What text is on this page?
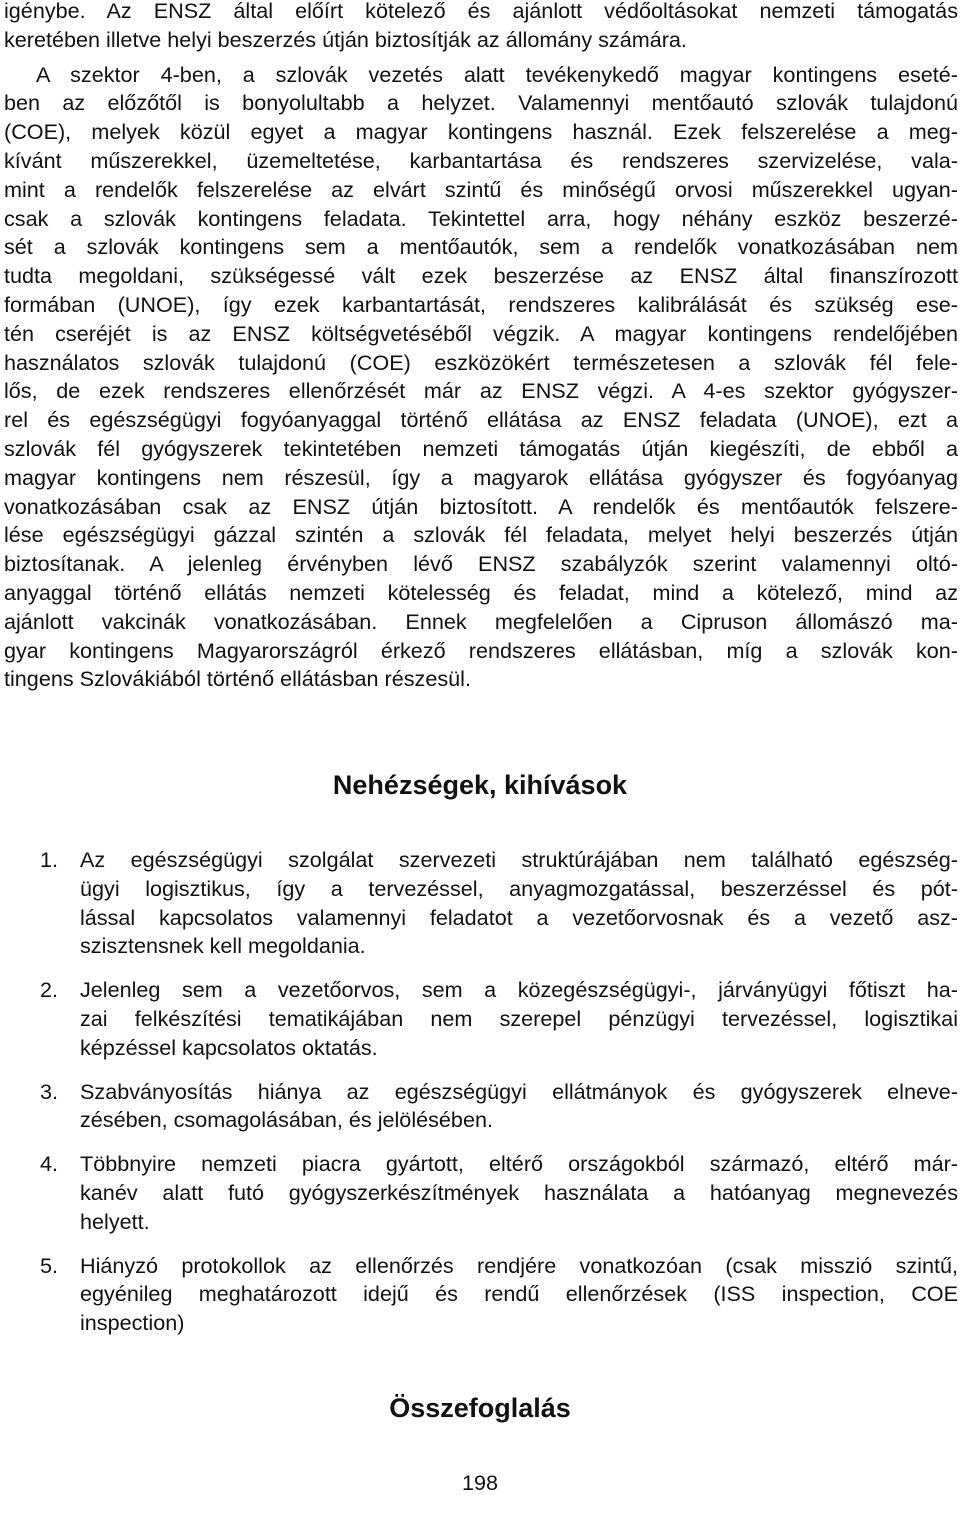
igénybe. Az ENSZ által előírt kötelező és ajánlott védőoltásokat nemzeti támogatás
keretében illetve helyi beszerzés útján biztosítják az állomány számára.
A szektor 4-ben, a szlovák vezetés alatt tevékenykedő magyar kontingens eseté-
ben az előzőtől is bonyolultabb a helyzet. Valamennyi mentőautó szlovák tulajdonú
(COE), melyek közül egyet a magyar kontingens használ. Ezek felszerelése a meg-
kívánt műszerekkel, üzemeltetése, karbantartása és rendszeres szervizelése, vala-
mint a rendelők felszerelése az elvárt szintű és minőségű orvosi műszerekkel ugyan-
csak a szlovák kontingens feladata. Tekintettel arra, hogy néhány eszköz beszerzé-
sét a szlovák kontingens sem a mentőautók, sem a rendelők vonatkozásában nem
tudta megoldani, szükségessé vált ezek beszerzése az ENSZ által finanszírozott
formában (UNOE), így ezek karbantartását, rendszeres kalibrálását és szükség ese-
tén cseréjét is az ENSZ költségvetéséből végzik. A magyar kontingens rendelőjében
használatos szlovák tulajdonú (COE) eszközökért természetesen a szlovák fél fele-
lős, de ezek rendszeres ellenőrzését már az ENSZ végzi. A 4-es szektor gyógyszer-
rel és egészségügyi fogyóanyaggal történő ellátása az ENSZ feladata (UNOE), ezt a
szlovák fél gyógyszerek tekintetében nemzeti támogatás útján kiegészíti, de ebből a
magyar kontingens nem részesül, így a magyarok ellátása gyógyszer és fogyóanyag
vonatkozásában csak az ENSZ útján biztosított. A rendelők és mentőautók felszere-
lése egészségügyi gázzal szintén a szlovák fél feladata, melyet helyi beszerzés útján
biztosítanak. A jelenleg érvényben lévő ENSZ szabályzók szerint valamennyi oltó-
anyaggal történő ellátás nemzeti kötelesség és feladat, mind a kötelező, mind az
ajánlott vakcinák vonatkozásában. Ennek megfelelően a Cipruson állomászó ma-
gyar kontingens Magyarországról érkező rendszeres ellátásban, míg a szlovák kon-
tingens Szlovákiából történő ellátásban részesül.
Nehézségek, kihívások
1. Az egészségügyi szolgálat szervezeti struktúrájában nem található egészség-
ügyi logisztikus, így a tervezéssel, anyagmozgatással, beszerzéssel és pót-
lással kapcsolatos valamennyi feladatot a vezetőorvosnak és a vezető asz-
szisztensnek kell megoldania.
2. Jelenleg sem a vezetőorvos, sem a közegészségügyi-, járványügyi főtiszt ha-
zai felkészítési tematikájában nem szerepel pénzügyi tervezéssel, logisztikai
képzéssel kapcsolatos oktatás.
3. Szabványosítás hiánya az egészségügyi ellátmányok és gyógyszerek elneve-
zésében, csomagolásában, és jelölésében.
4. Többnyire nemzeti piacra gyártott, eltérő országokból származó, eltérő már-
kanév alatt futó gyógyszerkészítmények használata a hatóanyag megnevezés
helyett.
5. Hiányzó protokollok az ellenőrzés rendjére vonatkozóan (csak misszió szintű,
egyénileg meghatározott idejű és rendű ellenőrzések (ISS inspection, COE
inspection)
Összefoglalás
198
